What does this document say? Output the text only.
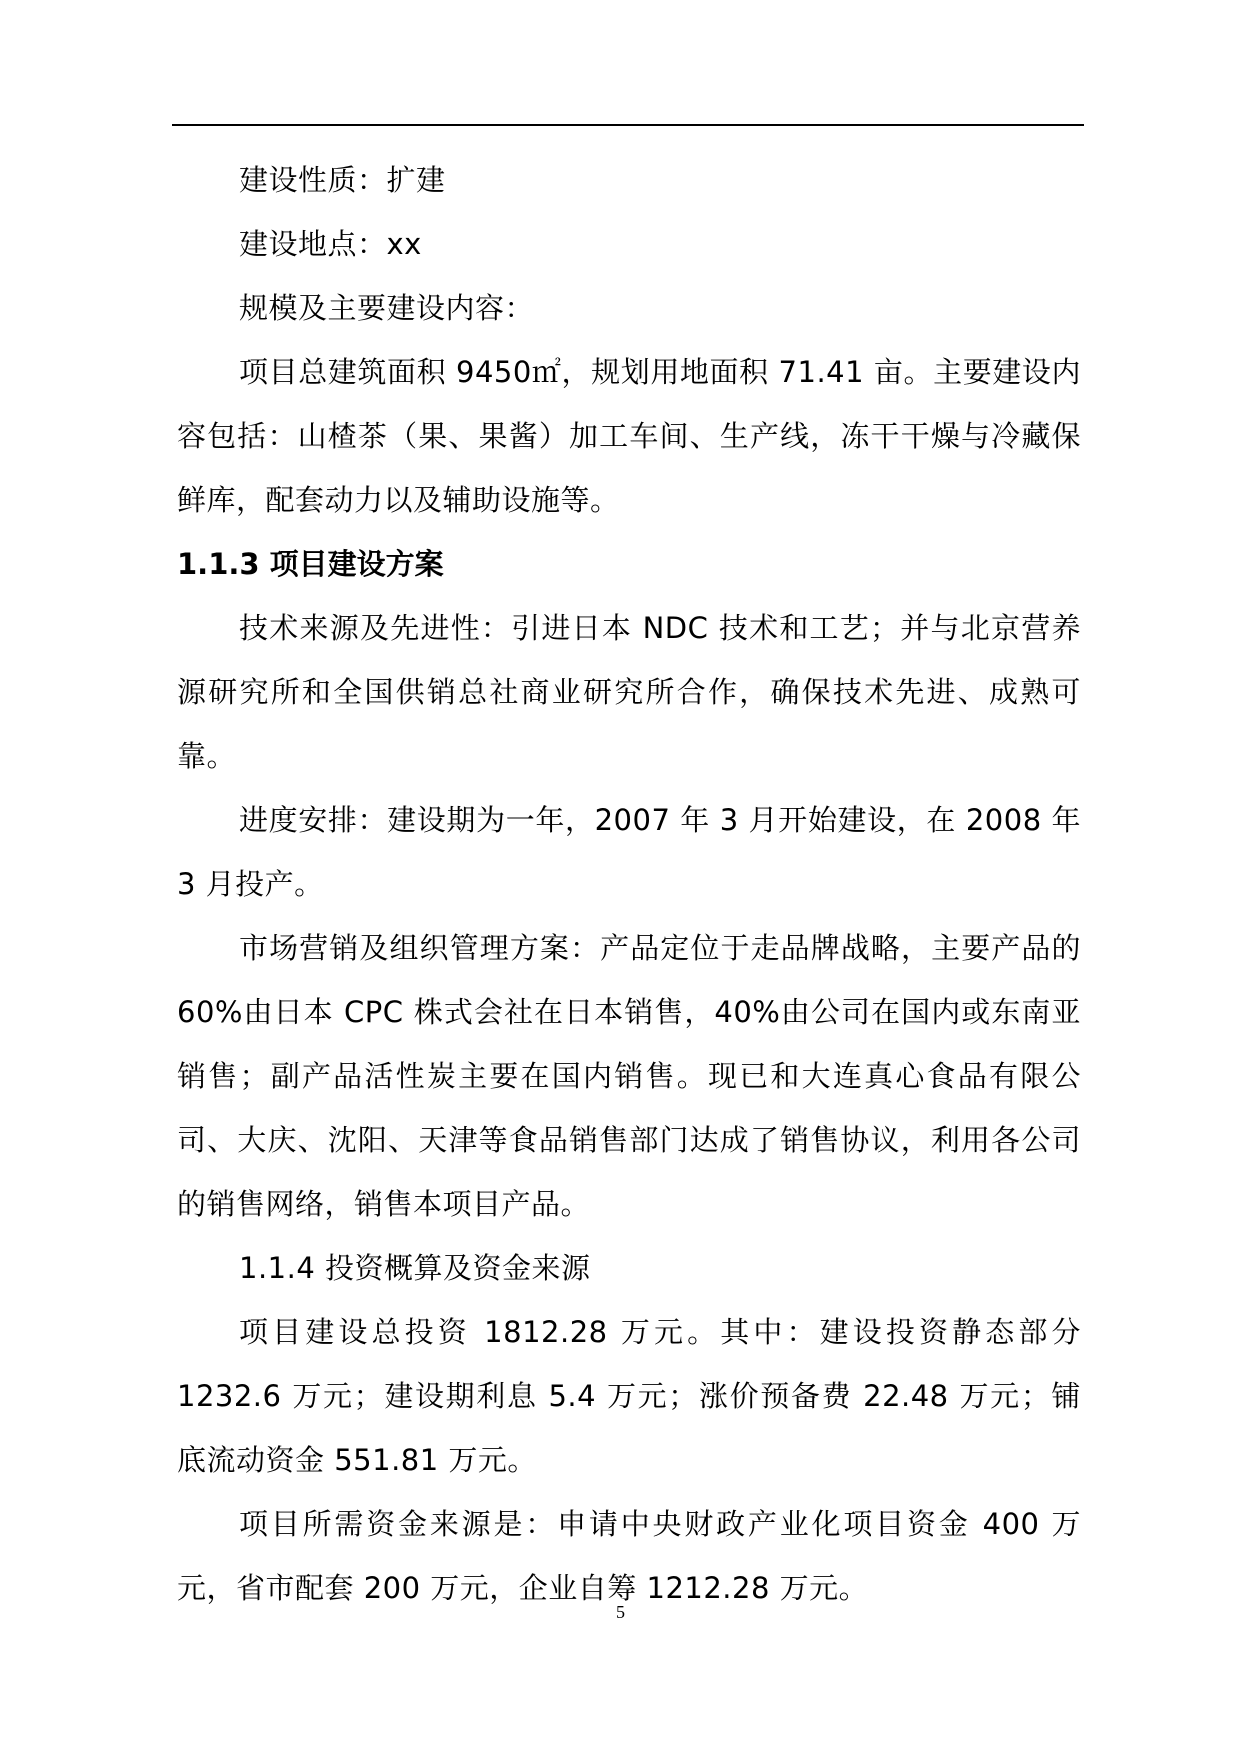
建设性质：扩建

建设地点：xx

规模及主要建设内容：

项目总建筑面积 9450㎡，规划用地面积 71.41 亩。主要建设内容包括：山楂茶（果、果酱）加工车间、生产线，冻干干燥与冷藏保鲜库，配套动力以及辅助设施等。

1.1.3 项目建设方案

技术来源及先进性：引进日本 NDC 技术和工艺；并与北京营养源研究所和全国供销总社商业研究所合作，确保技术先进、成熟可靠。

进度安排：建设期为一年，2007 年 3 月开始建设，在 2008 年 3 月投产。

市场营销及组织管理方案：产品定位于走品牌战略，主要产品的 60%由日本 CPC 株式会社在日本销售，40%由公司在国内或东南亚销售；副产品活性炭主要在国内销售。现已和大连真心食品有限公司、大庆、沈阳、天津等食品销售部门达成了销售协议，利用各公司的销售网络，销售本项目产品。

1.1.4 投资概算及资金来源

项目建设总投资 1812.28 万元。其中：建设投资静态部分 1232.6 万元；建设期利息 5.4 万元；涨价预备费 22.48 万元；铺底流动资金 551.81 万元。

项目所需资金来源是：申请中央财政产业化项目资金 400 万元，省市配套 200 万元，企业自筹 1212.28 万元。

5
